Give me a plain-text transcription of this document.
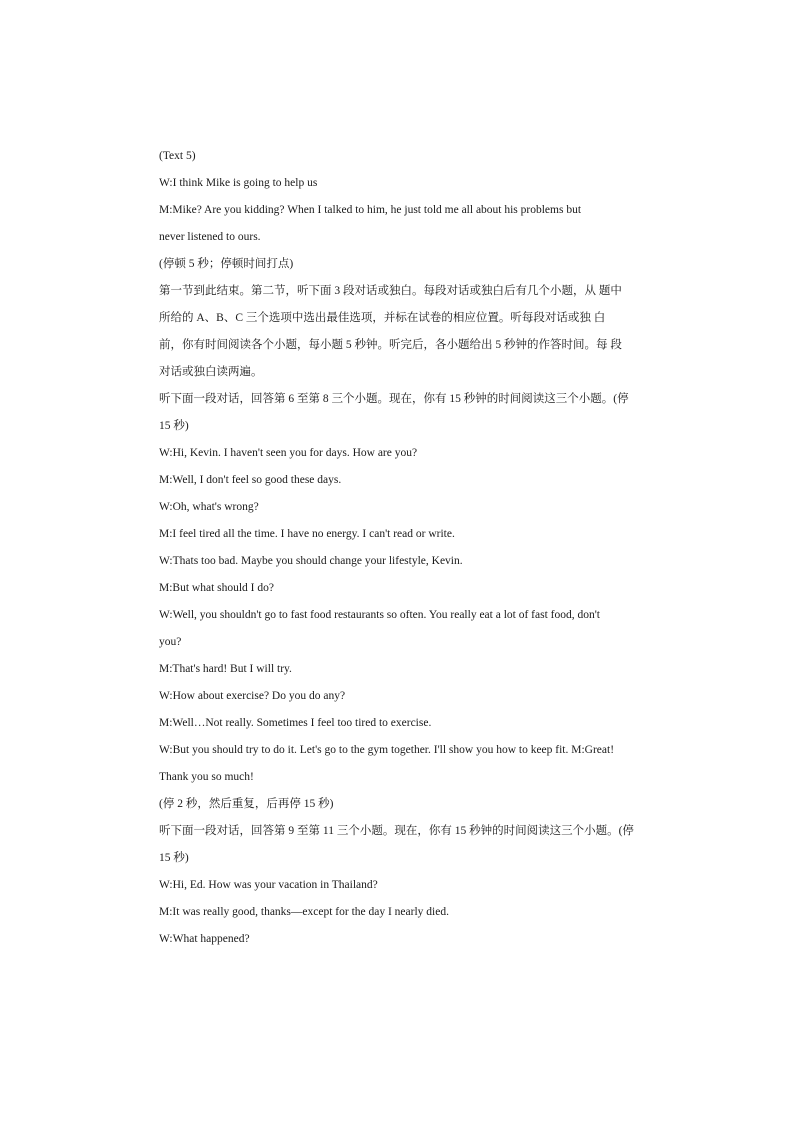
(Text 5)
W:I think Mike is going to help us
M:Mike? Are you kidding? When I talked to him, he just told me all about his problems but
never listened to ours.
(停顿 5 秒；停顿时间打点)
第一节到此结束。第二节，听下面 3 段对话或独白。每段对话或独白后有几个小题，从 题中
所给的 A、B、C 三个选项中选出最佳选项，并标在试卷的相应位置。听每段对话或独 白
前，你有时间阅读各个小题，每小题 5 秒钟。听完后，各小题给出 5 秒钟的作答时间。每 段
对话或独白读两遍。
听下面一段对话，回答第 6 至第 8 三个小题。现在，你有 15 秒钟的时间阅读这三个小题。(停
15 秒)
W:Hi, Kevin. I haven't seen you for days. How are you?
M:Well, I don't feel so good these days.
W:Oh, what's wrong?
M:I feel tired all the time. I have no energy. I can't read or write.
W:Thats too bad. Maybe you should change your lifestyle, Kevin.
M:But what should I do?
W:Well, you shouldn't go to fast food restaurants so often. You really eat a lot of fast food, don't
you?
M:That's hard! But I will try.
W:How about exercise? Do you do any?
M:Well…Not really. Sometimes I feel too tired to exercise.
W:But you should try to do it. Let's go to the gym together. I'll show you how to keep fit. M:Great!
Thank you so much!
(停 2 秒，然后重复，后再停 15 秒)
听下面一段对话，回答第 9 至第 11 三个小题。现在，你有 15 秒钟的时间阅读这三个小题。(停
15 秒)
W:Hi, Ed. How was your vacation in Thailand?
M:It was really good, thanks—except for the day I nearly died.
W:What happened?
